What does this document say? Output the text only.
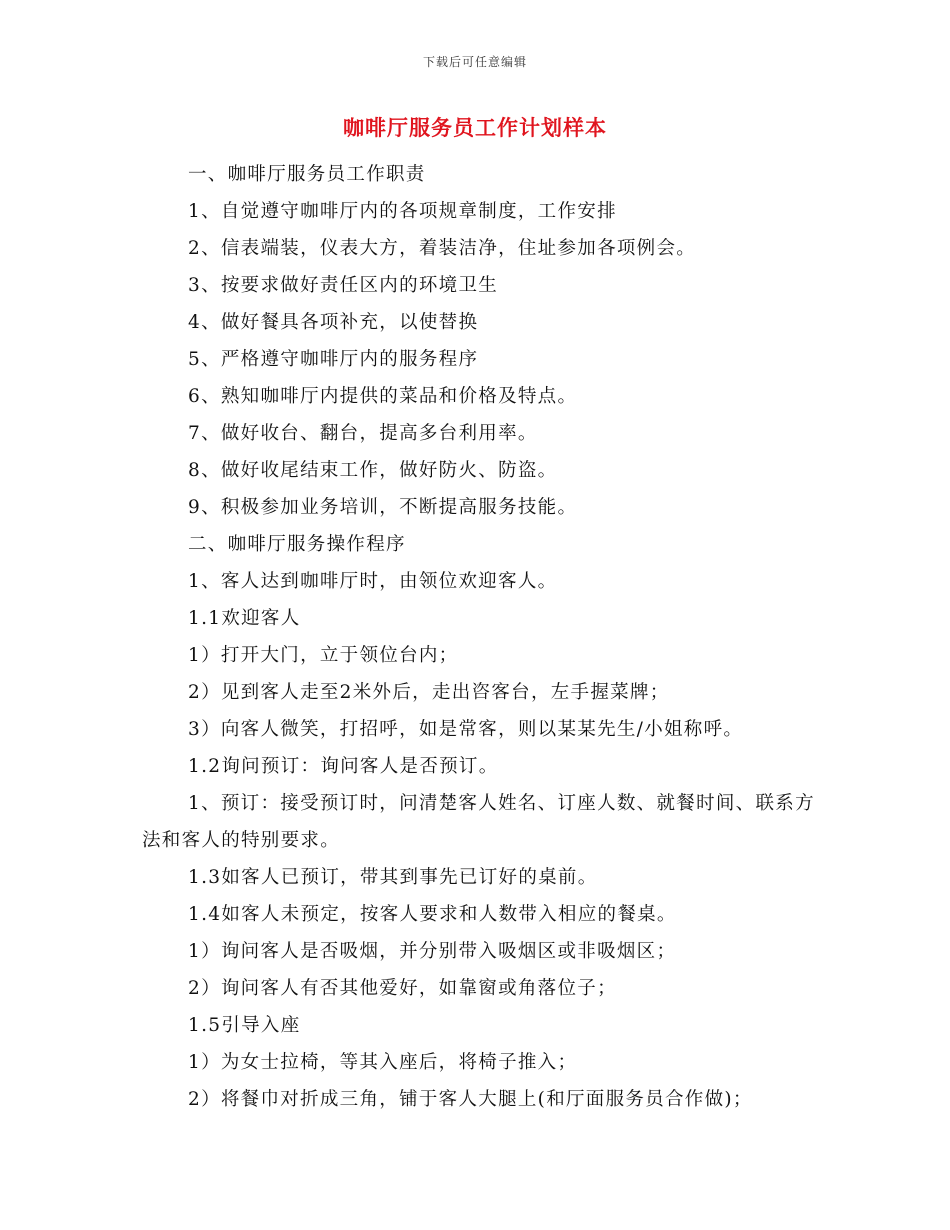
下载后可任意编辑
咖啡厅服务员工作计划样本

一、咖啡厅服务员工作职责

1、自觉遵守咖啡厅内的各项规章制度，工作安排

2、信表端装，仪表大方，着装洁净，住址参加各项例会。

3、按要求做好责任区内的环境卫生

4、做好餐具各项补充，以使替换

5、严格遵守咖啡厅内的服务程序

6、熟知咖啡厅内提供的菜品和价格及特点。

7、做好收台、翻台，提高多台利用率。

8、做好收尾结束工作，做好防火、防盗。

9、积极参加业务培训，不断提高服务技能。

二、咖啡厅服务操作程序

1、客人达到咖啡厅时，由领位欢迎客人。

1.1欢迎客人

1）打开大门，立于领位台内；

2）见到客人走至2米外后，走出咨客台，左手握菜牌；

3）向客人微笑，打招呼，如是常客，则以某某先生/小姐称呼。

1.2询问预订：询问客人是否预订。

1、预订：接受预订时，问清楚客人姓名、订座人数、就餐时间、联系方法和客人的特别要求。

1.3如客人已预订，带其到事先已订好的桌前。

1.4如客人未预定，按客人要求和人数带入相应的餐桌。

1）询问客人是否吸烟，并分别带入吸烟区或非吸烟区；

2）询问客人有否其他爱好，如靠窗或角落位子；

1.5引导入座

1）为女士拉椅，等其入座后，将椅子推入；

2）将餐巾对折成三角，铺于客人大腿上(和厅面服务员合作做)；
